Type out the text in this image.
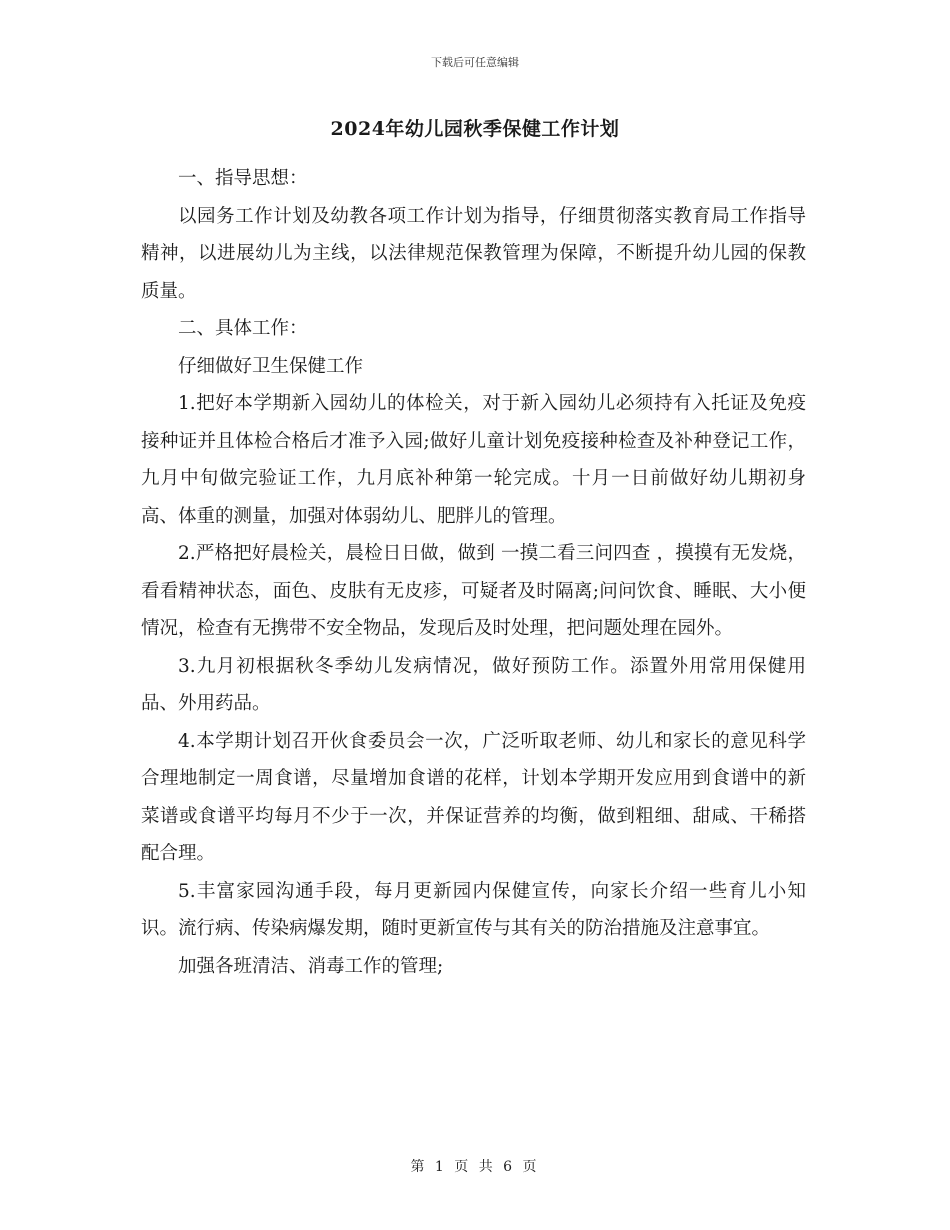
下载后可任意编辑
2024年幼儿园秋季保健工作计划

一、指导思想：

以园务工作计划及幼教各项工作计划为指导，仔细贯彻落实教育局工作指导精神，以进展幼儿为主线，以法律规范保教管理为保障，不断提升幼儿园的保教质量。

二、具体工作：

仔细做好卫生保健工作

1.把好本学期新入园幼儿的体检关，对于新入园幼儿必须持有入托证及免疫接种证并且体检合格后才准予入园;做好儿童计划免疫接种检查及补种登记工作，九月中旬做完验证工作，九月底补种第一轮完成。十月一日前做好幼儿期初身高、体重的测量，加强对体弱幼儿、肥胖儿的管理。

2.严格把好晨检关，晨检日日做，做到 一摸二看三问四查 ，摸摸有无发烧，看看精神状态，面色、皮肤有无皮疹，可疑者及时隔离;问问饮食、睡眠、大小便情况，检查有无携带不安全物品，发现后及时处理，把问题处理在园外。

3.九月初根据秋冬季幼儿发病情况，做好预防工作。添置外用常用保健用品、外用药品。

4.本学期计划召开伙食委员会一次，广泛听取老师、幼儿和家长的意见科学合理地制定一周食谱，尽量增加食谱的花样，计划本学期开发应用到食谱中的新菜谱或食谱平均每月不少于一次，并保证营养的均衡，做到粗细、甜咸、干稀搭配合理。

5.丰富家园沟通手段，每月更新园内保健宣传，向家长介绍一些育儿小知识。流行病、传染病爆发期，随时更新宣传与其有关的防治措施及注意事宜。

加强各班清洁、消毒工作的管理;

第 1 页 共 6 页
